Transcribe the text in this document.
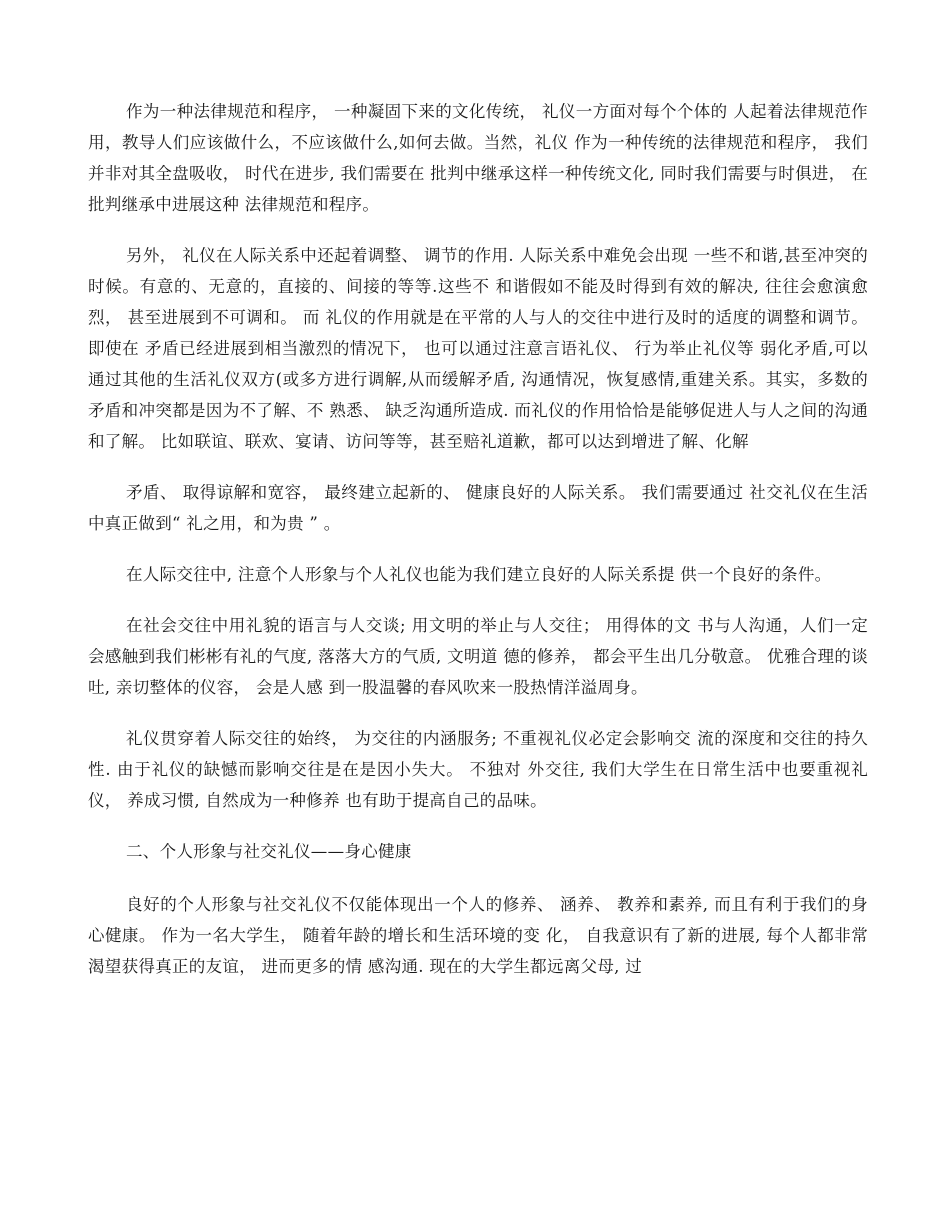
作为一种法律规范和程序， 一种凝固下来的文化传统， 礼仪一方面对每个个体的 人起着法律规范作用，教导人们应该做什么，不应该做什么,如何去做。当然，礼仪 作为一种传统的法律规范和程序， 我们并非对其全盘吸收， 时代在进步, 我们需要在 批判中继承这样一种传统文化, 同时我们需要与时俱进， 在批判继承中进展这种 法律规范和程序。

另外， 礼仪在人际关系中还起着调整、 调节的作用. 人际关系中难免会出现 一些不和谐,甚至冲突的时候。有意的、无意的，直接的、间接的等等.这些不 和谐假如不能及时得到有效的解决, 往往会愈演愈烈， 甚至进展到不可调和。 而 礼仪的作用就是在平常的人与人的交往中进行及时的适度的调整和调节。 即使在 矛盾已经进展到相当激烈的情况下， 也可以通过注意言语礼仪、 行为举止礼仪等 弱化矛盾,可以通过其他的生活礼仪双方(或多方进行调解,从而缓解矛盾, 沟通情况，恢复感情,重建关系。其实，多数的矛盾和冲突都是因为不了解、不 熟悉、 缺乏沟通所造成. 而礼仪的作用恰恰是能够促进人与人之间的沟通和了解。 比如联谊、联欢、宴请、访问等等，甚至赔礼道歉，都可以达到增进了解、化解

矛盾、 取得谅解和宽容， 最终建立起新的、 健康良好的人际关系。 我们需要通过 社交礼仪在生活中真正做到“ 礼之用，和为贵 ” 。

在人际交往中, 注意个人形象与个人礼仪也能为我们建立良好的人际关系提 供一个良好的条件。

在社会交往中用礼貌的语言与人交谈; 用文明的举止与人交往； 用得体的文 书与人沟通，人们一定会感触到我们彬彬有礼的气度, 落落大方的气质, 文明道 德的修养， 都会平生出几分敬意。 优雅合理的谈吐, 亲切整体的仪容， 会是人感 到一股温馨的春风吹来一股热情洋溢周身。

礼仪贯穿着人际交往的始终， 为交往的内涵服务; 不重视礼仪必定会影响交 流的深度和交往的持久性. 由于礼仪的缺憾而影响交往是在是因小失大。 不独对 外交往, 我们大学生在日常生活中也要重视礼仪， 养成习惯, 自然成为一种修养 也有助于提高自己的品味。

二、个人形象与社交礼仪——身心健康

良好的个人形象与社交礼仪不仅能体现出一个人的修养、 涵养、 教养和素养, 而且有利于我们的身心健康。 作为一名大学生， 随着年龄的增长和生活环境的变 化， 自我意识有了新的进展, 每个人都非常渴望获得真正的友谊， 进而更多的情 感沟通. 现在的大学生都远离父母, 过
